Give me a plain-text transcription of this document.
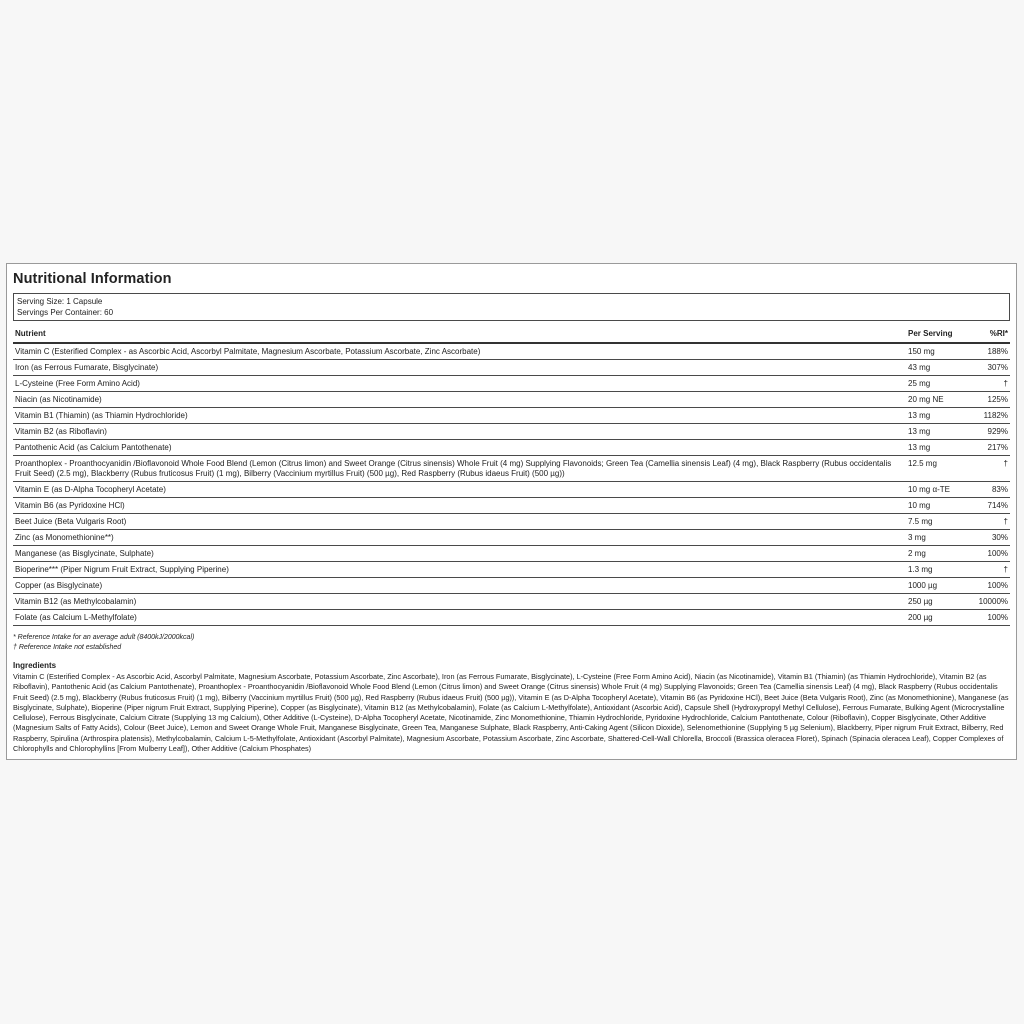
Nutritional Information
Serving Size: 1 Capsule
Servings Per Container: 60
Nutrient	Per Serving	%RI*
Vitamin C (Esterified Complex - as Ascorbic Acid, Ascorbyl Palmitate, Magnesium Ascorbate, Potassium Ascorbate, Zinc Ascorbate)	150 mg	188%
Iron (as Ferrous Fumarate, Bisglycinate)	43 mg	307%
L-Cysteine (Free Form Amino Acid)	25 mg	†
Niacin (as Nicotinamide)	20 mg NE	125%
Vitamin B1 (Thiamin) (as Thiamin Hydrochloride)	13 mg	1182%
Vitamin B2 (as Riboflavin)	13 mg	929%
Pantothenic Acid (as Calcium Pantothenate)	13 mg	217%
Proanthoplex - Proanthocyanidin /Bioflavonoid Whole Food Blend (Lemon (Citrus limon) and Sweet Orange (Citrus sinensis) Whole Fruit (4 mg) Supplying Flavonoids; Green Tea (Camellia sinensis Leaf) (4 mg), Black Raspberry (Rubus occidentalis Fruit Seed) (2.5 mg), Blackberry (Rubus fruticosus Fruit) (1 mg), Bilberry (Vaccinium myrtillus Fruit) (500 µg), Red Raspberry (Rubus idaeus Fruit) (500 µg))	12.5 mg	†
Vitamin E (as D-Alpha Tocopheryl Acetate)	10 mg α-TE	83%
Vitamin B6 (as Pyridoxine HCl)	10 mg	714%
Beet Juice (Beta Vulgaris Root)	7.5 mg	†
Zinc (as Monomethionine**)	3 mg	30%
Manganese (as Bisglycinate, Sulphate)	2 mg	100%
Bioperine*** (Piper Nigrum Fruit Extract, Supplying Piperine)	1.3 mg	†
Copper (as Bisglycinate)	1000 µg	100%
Vitamin B12 (as Methylcobalamin)	250 µg	10000%
Folate (as Calcium L-Methylfolate)	200 µg	100%
* Reference Intake for an average adult (8400kJ/2000kcal)
† Reference Intake not established
Ingredients
Vitamin C (Esterified Complex - As Ascorbic Acid, Ascorbyl Palmitate, Magnesium Ascorbate, Potassium Ascorbate, Zinc Ascorbate), Iron (as Ferrous Fumarate, Bisglycinate), L-Cysteine (Free Form Amino Acid), Niacin (as Nicotinamide), Vitamin B1 (Thiamin) (as Thiamin Hydrochloride), Vitamin B2 (as Riboflavin), Pantothenic Acid (as Calcium Pantothenate), Proanthoplex - Proanthocyanidin /Bioflavonoid Whole Food Blend (Lemon (Citrus limon) and Sweet Orange (Citrus sinensis) Whole Fruit (4 mg) Supplying Flavonoids; Green Tea (Camellia sinensis Leaf) (4 mg), Black Raspberry (Rubus occidentalis Fruit Seed) (2.5 mg), Blackberry (Rubus fruticosus Fruit) (1 mg), Bilberry (Vaccinium myrtillus Fruit) (500 µg), Red Raspberry (Rubus idaeus Fruit) (500 µg)), Vitamin E (as D-Alpha Tocopheryl Acetate), Vitamin B6 (as Pyridoxine HCl), Beet Juice (Beta Vulgaris Root), Zinc (as Monomethionine), Manganese (as Bisglycinate, Sulphate), Bioperine (Piper nigrum Fruit Extract, Supplying Piperine), Copper (as Bisglycinate), Vitamin B12 (as Methylcobalamin), Folate (as Calcium L-Methylfolate), Antioxidant (Ascorbic Acid), Capsule Shell (Hydroxypropyl Methyl Cellulose), Ferrous Fumarate, Bulking Agent (Microcrystalline Cellulose), Ferrous Bisglycinate, Calcium Citrate (Supplying 13 mg Calcium), Other Additive (L-Cysteine), D-Alpha Tocopheryl Acetate, Nicotinamide, Zinc Monomethionine, Thiamin Hydrochloride, Pyridoxine Hydrochloride, Calcium Pantothenate, Colour (Riboflavin), Copper Bisglycinate, Other Additive (Magnesium Salts of Fatty Acids), Colour (Beet Juice), Lemon and Sweet Orange Whole Fruit, Manganese Bisglycinate, Green Tea, Manganese Sulphate, Black Raspberry, Anti-Caking Agent (Silicon Dioxide), Selenomethionine (Supplying 5 µg Selenium), Blackberry, Piper nigrum Fruit Extract, Bilberry, Red Raspberry, Spirulina (Arthrospira platensis), Methylcobalamin, Calcium L-5-Methylfolate, Antioxidant (Ascorbyl Palmitate), Magnesium Ascorbate, Potassium Ascorbate, Zinc Ascorbate, Shattered-Cell-Wall Chlorella, Broccoli (Brassica oleracea Floret), Spinach (Spinacia oleracea Leaf), Copper Complexes of Chlorophylls and Chlorophyllins [From Mulberry Leaf]), Other Additive (Calcium Phosphates)
